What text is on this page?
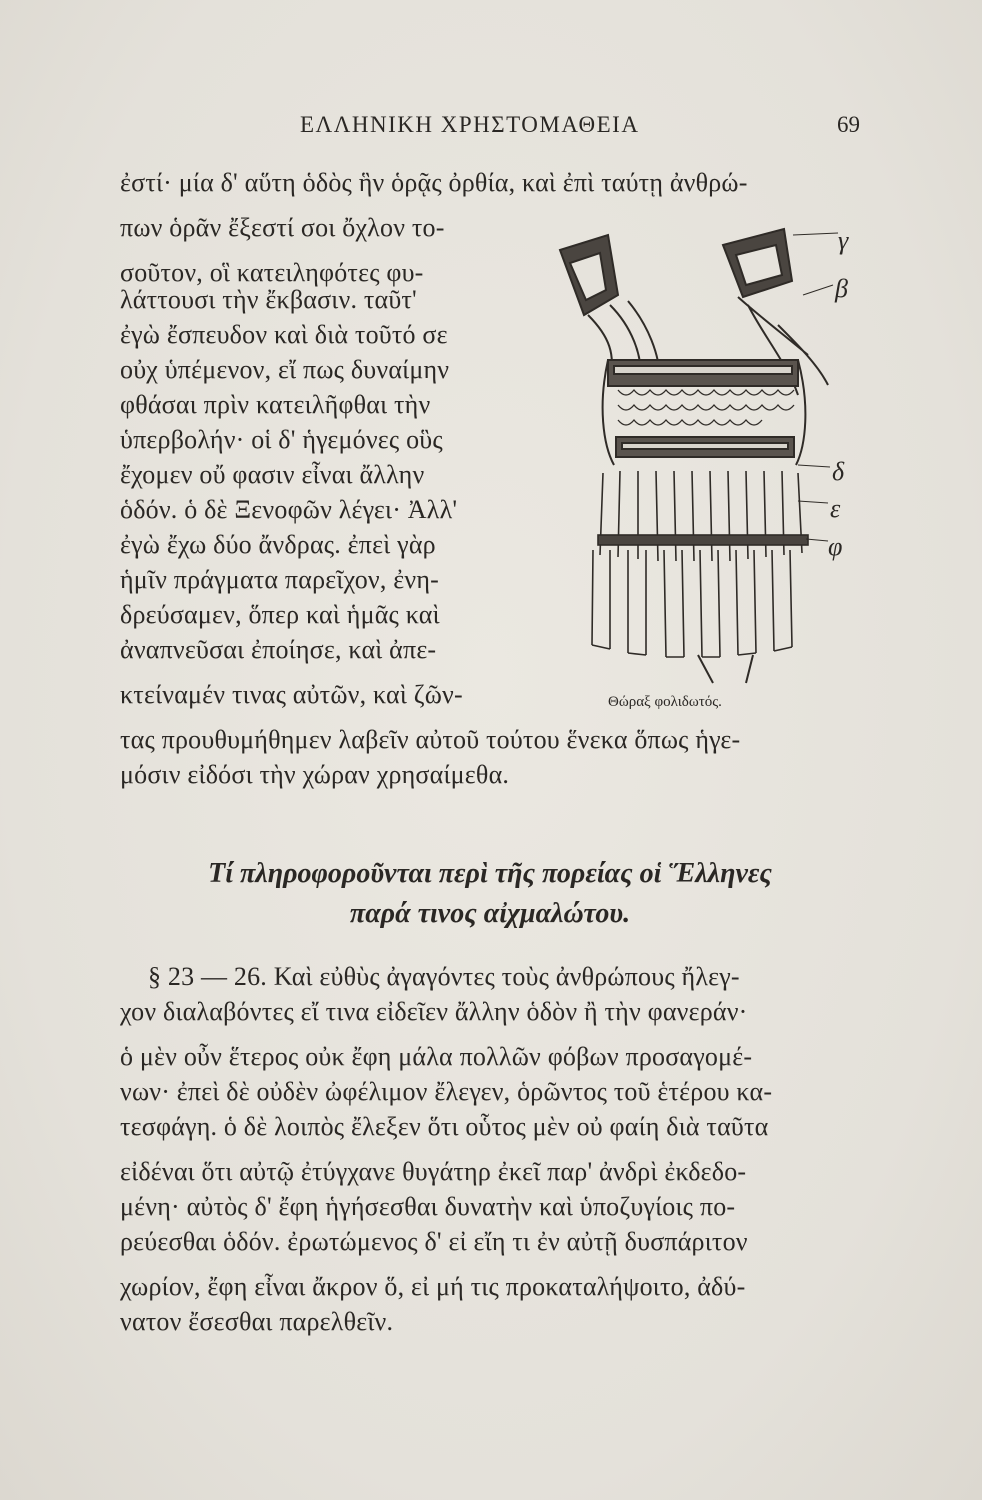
ΕΛΛΗΝΙΚΗ ΧΡΗΣΤΟΜΑΘΕΙΑ	69
ἐστί· μία δ' αὕτη ὁδὸς ἣν ὁρᾷς ὀρθία, καὶ ἐπὶ ταύτῃ ἀνθρώ-
πων ὁρᾶν ἔξεστί σοι ὄχλον το-
σοῦτον, οἳ κατειληφότες φυ-
λάττουσι τὴν ἔκβασιν. ταῦτ'
ἐγὼ ἔσπευδον καὶ διὰ τοῦτό σε
οὐχ ὑπέμενον, εἴ πως δυναίμην
φθάσαι πρὶν κατειλῆφθαι τὴν
ὑπερβολήν· οἱ δ' ἡγεμόνες οὓς
ἔχομεν οὔ φασιν εἶναι ἄλλην
ὁδόν. ὁ δὲ Ξενοφῶν λέγει· Ἀλλ'
ἐγὼ ἔχω δύο ἄνδρας. ἐπεὶ γὰρ
ἡμῖν πράγματα παρεῖχον, ἐνη-
δρεύσαμεν, ὅπερ καὶ ἡμᾶς καὶ
ἀναπνεῦσαι ἐποίησε, καὶ ἀπε-
κτείναμέν τινας αὐτῶν, καὶ ζῶν-
τας προυθυμήθημεν λαβεῖν αὐτοῦ τούτου ἕνεκα ὅπως ἡγε-
μόσιν εἰδόσι τὴν χώραν χρησαίμεθα.
γ
β
δ
ε
φ
Θώραξ φολιδωτός.
Τί πληροφοροῦνται περὶ τῆς πορείας οἱ Ἕλληνες
παρά τινος αἰχμαλώτου.
§ 23 — 26. Καὶ εὐθὺς ἀγαγόντες τοὺς ἀνθρώπους ἤλεγ-
χον διαλαβόντες εἴ τινα εἰδεῖεν ἄλλην ὁδὸν ἢ τὴν φανεράν·
ὁ μὲν οὖν ἕτερος οὐκ ἔφη μάλα πολλῶν φόβων προσαγομέ-
νων· ἐπεὶ δὲ οὐδὲν ὠφέλιμον ἔλεγεν, ὁρῶντος τοῦ ἑτέρου κα-
τεσφάγη. ὁ δὲ λοιπὸς ἔλεξεν ὅτι οὗτος μὲν οὐ φαίη διὰ ταῦτα
εἰδέναι ὅτι αὐτῷ ἐτύγχανε θυγάτηρ ἐκεῖ παρ' ἀνδρὶ ἐκδεδο-
μένη· αὐτὸς δ' ἔφη ἡγήσεσθαι δυνατὴν καὶ ὑποζυγίοις πο-
ρεύεσθαι ὁδόν. ἐρωτώμενος δ' εἰ εἴη τι ἐν αὐτῇ δυσπάριτον
χωρίον, ἔφη εἶναι ἄκρον ὅ, εἰ μή τις προκαταλήψοιτο, ἀδύ-
νατον ἔσεσθαι παρελθεῖν.
